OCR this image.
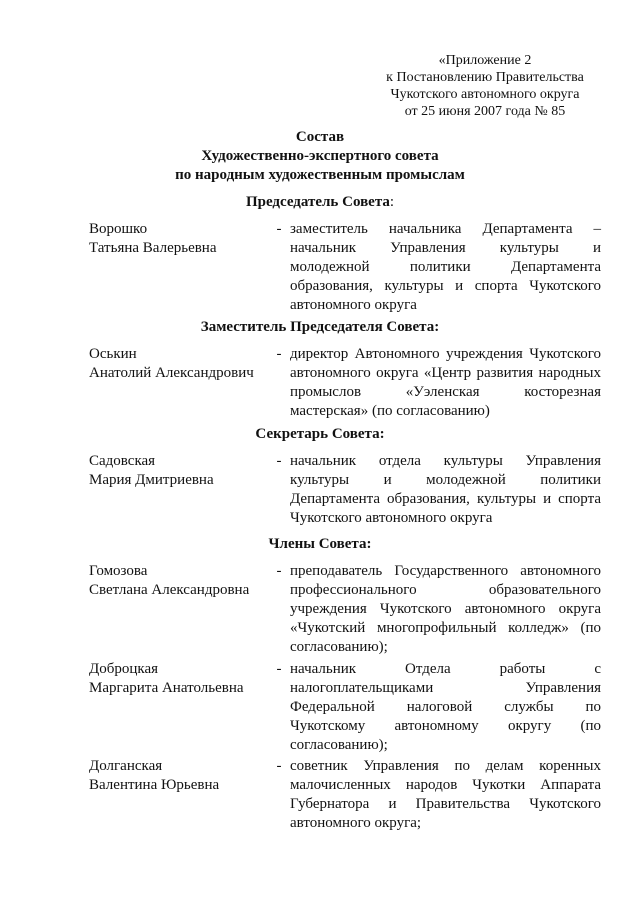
«Приложение 2
к Постановлению Правительства
Чукотского автономного округа
от 25 июня 2007 года № 85
Состав
Художественно-экспертного совета
по народным художественным промыслам
Председатель Совета:
Ворошко
Татьяна Валерьевна
- заместитель начальника Департамента –
начальник Управления культуры и
молодежной политики Департамента
образования, культуры и спорта Чукотского
автономного округа
Заместитель Председателя Совета:
Оськин
Анатолий Александрович
- директор Автономного учреждения Чукотского
автономного округа «Центр развития народных
промыслов «Уэленская косторезная
мастерская» (по согласованию)
Секретарь Совета:
Садовская
Мария Дмитриевна
- начальник отдела культуры Управления
культуры и молодежной политики
Департамента образования, культуры и спорта
Чукотского автономного округа
Члены Совета:
Гомозова
Светлана Александровна
- преподаватель Государственного автономного
профессионального образовательного
учреждения Чукотского автономного округа
«Чукотский многопрофильный колледж» (по
согласованию);
Доброцкая
Маргарита Анатольевна
- начальник Отдела работы с
налогоплательщиками Управления
Федеральной налоговой службы по
Чукотскому автономному округу (по
согласованию);
Долганская
Валентина Юрьевна
- советник Управления по делам коренных
малочисленных народов Чукотки Аппарата
Губернатора и Правительства Чукотского
автономного округа;
